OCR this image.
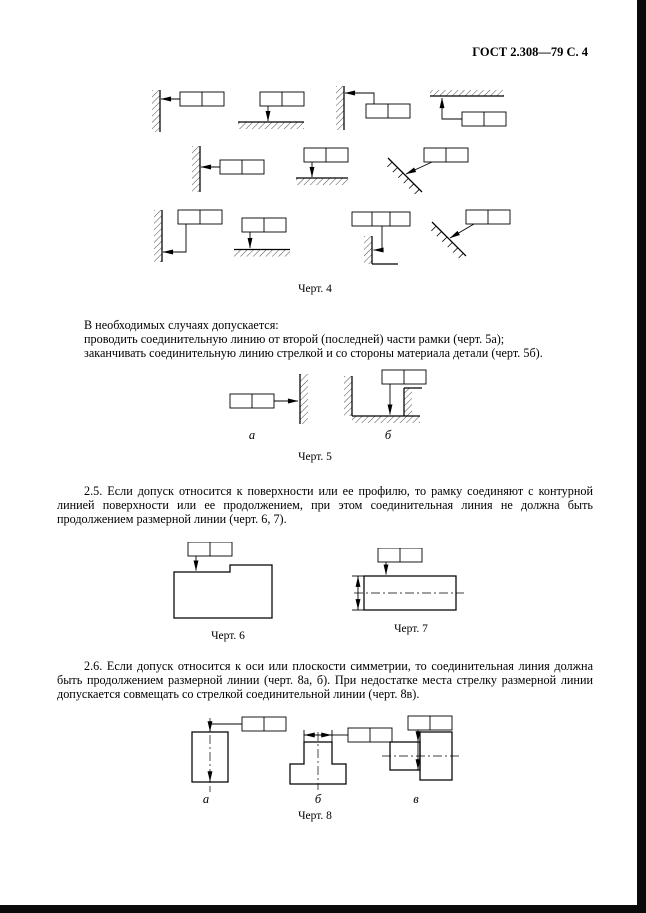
ГОСТ 2.308—79 С. 4
Черт. 4
В необходимых случаях допускается:
проводить соединительную линию от второй (последней) части рамки (черт. 5а);
заканчивать соединительную линию стрелкой и со стороны материала детали (черт. 5б).
а	б
Черт. 5

2.5. Если допуск относится к поверхности или ее профилю, то рамку соединяют с контурной линией поверхности или ее продолжением, при этом соединительная линия не должна быть продолжением размерной линии (черт. 6, 7).

Черт. 6
Черт. 7

2.6. Если допуск относится к оси или плоскости симметрии, то соединительная линия должна быть продолжением размерной линии (черт. 8а, б). При недостатке места стрелку размерной линии допускается совмещать со стрелкой соединительной линии (черт. 8в).

а	б	в
Черт. 8
